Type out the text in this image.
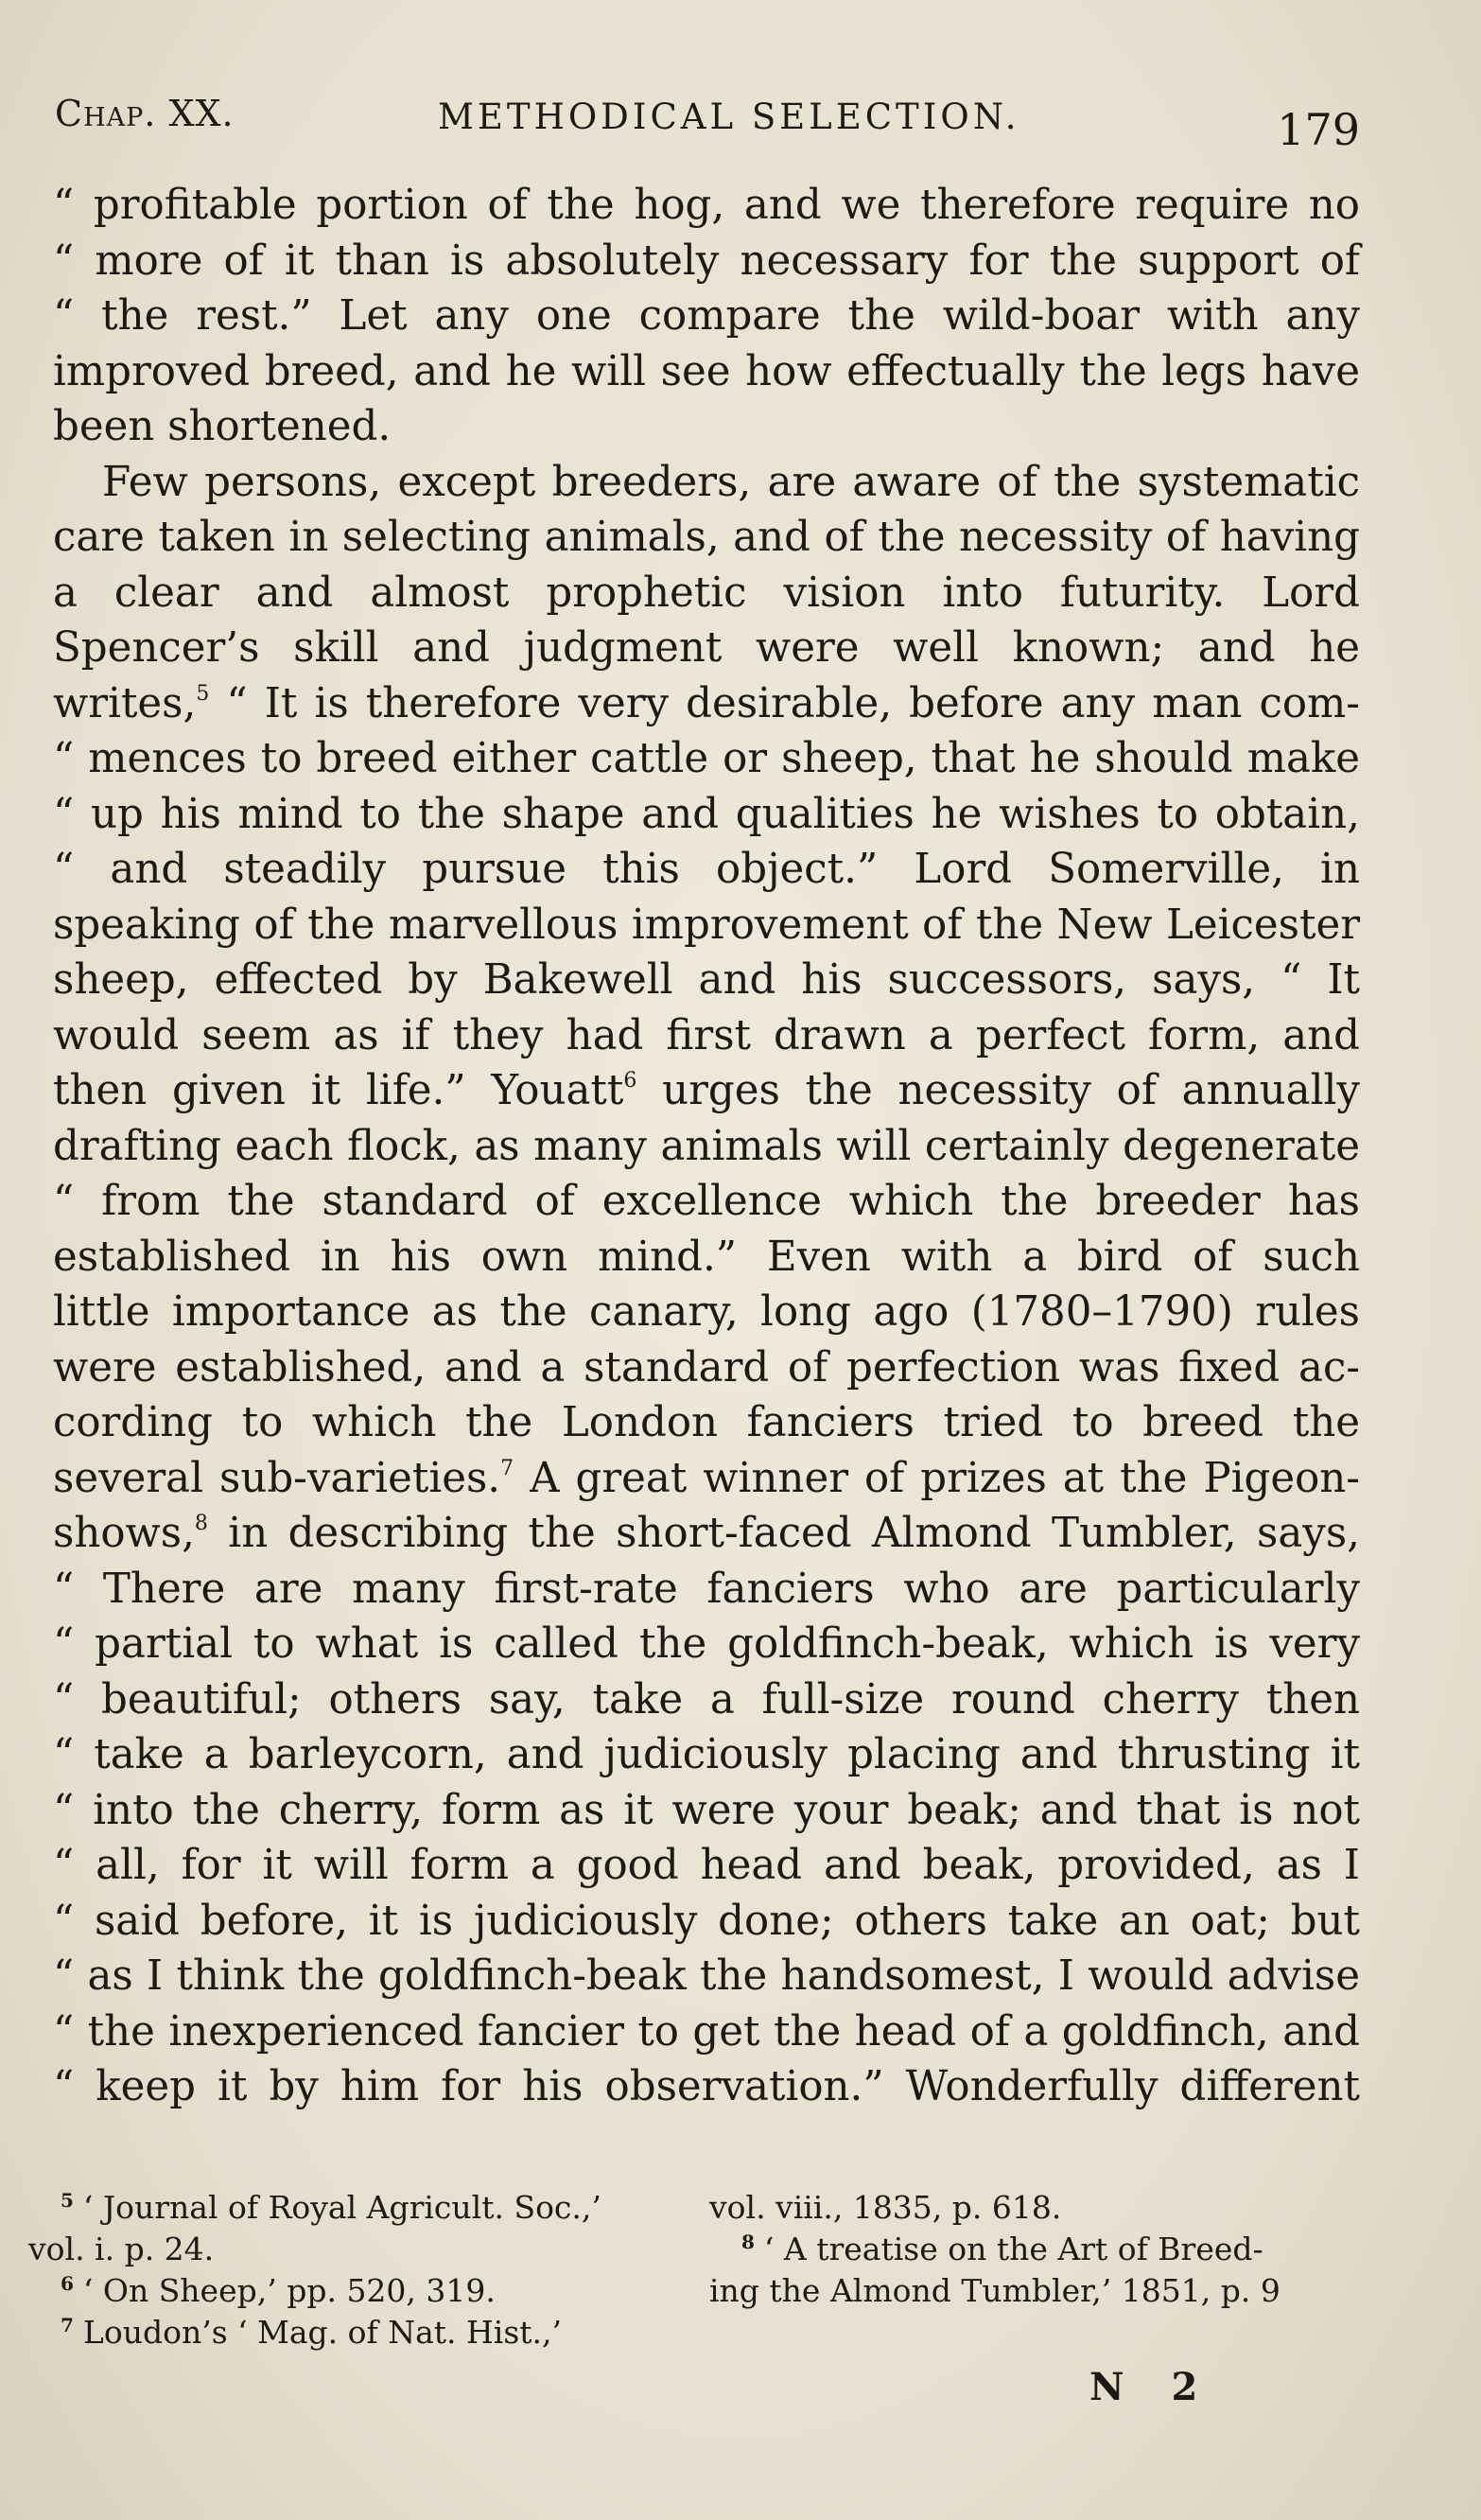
Chap. XX.	METHODICAL SELECTION.	179
“ profitable portion of the hog, and we therefore require no
“ more of it than is absolutely necessary for the support of
“ the rest.” Let any one compare the wild-boar with any
improved breed, and he will see how effectually the legs have
been shortened.
Few persons, except breeders, are aware of the systematic
care taken in selecting animals, and of the necessity of having
a clear and almost prophetic vision into futurity. Lord
Spencer’s skill and judgment were well known; and he
writes,$^5$ “ It is therefore very desirable, before any man com-
“ mences to breed either cattle or sheep, that he should make
“ up his mind to the shape and qualities he wishes to obtain,
“ and steadily pursue this object.” Lord Somerville, in
speaking of the marvellous improvement of the New Leicester
sheep, effected by Bakewell and his successors, says, “ It
would seem as if they had first drawn a perfect form, and
then given it life.” Youatt$^6$ urges the necessity of annually
drafting each flock, as many animals will certainly degenerate
“ from the standard of excellence which the breeder has
established in his own mind.” Even with a bird of such
little importance as the canary, long ago (1780–1790) rules
were established, and a standard of perfection was fixed ac-
cording to which the London fanciers tried to breed the
several sub-varieties.$^7$ A great winner of prizes at the Pigeon-
shows,$^8$ in describing the short-faced Almond Tumbler, says,
“ There are many first-rate fanciers who are particularly
“ partial to what is called the goldfinch-beak, which is very
“ beautiful; others say, take a full-size round cherry then
“ take a barleycorn, and judiciously placing and thrusting it
“ into the cherry, form as it were your beak; and that is not
“ all, for it will form a good head and beak, provided, as I
“ said before, it is judiciously done; others take an oat; but
“ as I think the goldfinch-beak the handsomest, I would advise
“ the inexperienced fancier to get the head of a goldfinch, and
“ keep it by him for his observation.” Wonderfully different
$^5$ ‘ Journal of Royal Agricult. Soc.,’
vol. i. p. 24.
$^6$ ‘ On Sheep,’ pp. 520, 319.
$^7$ Loudon’s ‘ Mag. of Nat. Hist.,’
vol. viii., 1835, p. 618.
$^8$ ‘ A treatise on the Art of Breed-
ing the Almond Tumbler,’ 1851, p. 9
N 2
